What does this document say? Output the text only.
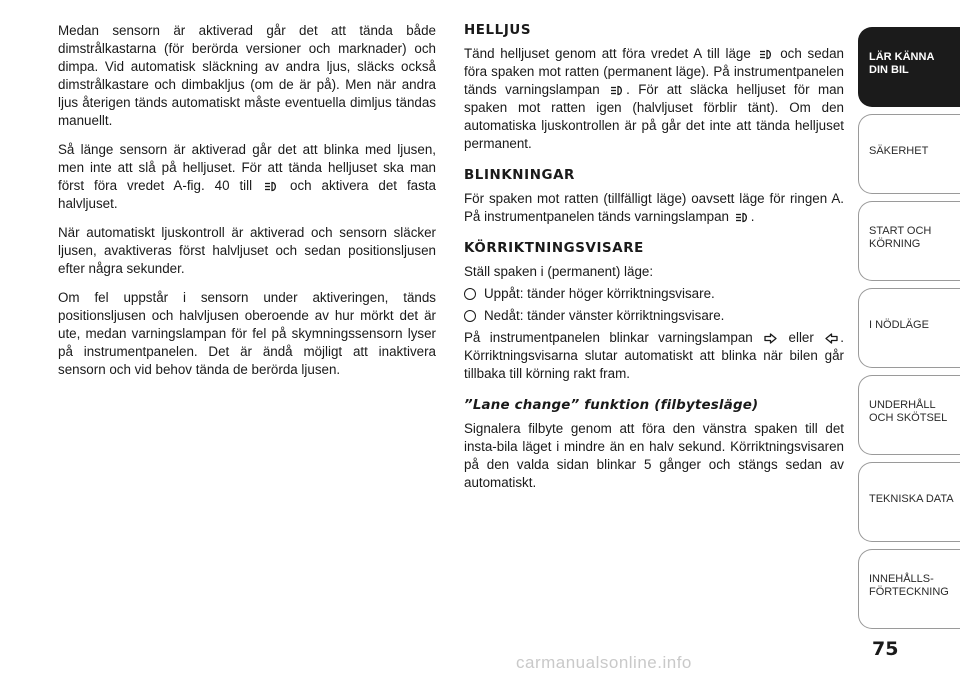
Medan sensorn är aktiverad går det att tända både dimstrålkastarna (för berörda versioner och marknader) och dimpa. Vid automatisk släckning av andra ljus, släcks också dimstrålkastare och dimbakljus (om de är på). Men när andra ljus återigen tänds automatiskt måste eventuella dimljus tändas manuellt.

Så länge sensorn är aktiverad går det att blinka med ljusen, men inte att slå på helljuset. För att tända helljuset ska man först föra vredet A-fig. 40 till	och aktivera det fasta halvljuset.

När automatiskt ljuskontroll är aktiverad och sensorn släcker ljusen, avaktiveras först halvljuset och sedan positionsljusen efter några sekunder.

Om fel uppstår i sensorn under aktiveringen, tänds positionsljusen och halvljusen oberoende av hur mörkt det är ute, medan varningslampan för fel på skymningssensorn lyser på instrumentpanelen. Det är ändå möjligt att inaktivera sensorn och vid behov tända de berörda ljusen.

HELLJUS

Tänd helljuset genom att föra vredet A till läge och sedan föra spaken mot ratten (permanent läge). På instrumentpanelen tänds varningslampan . För att släcka helljuset för man spaken mot ratten igen (halvljuset förblir tänt). Om den automatiska ljuskontrollen är på går det inte att tända helljuset permanent.

BLINKNINGAR

För spaken mot ratten (tillfälligt läge) oavsett läge för ringen A. På instrumentpanelen tänds varningslampan .

KÖRRIKTNINGSVISARE

Ställ spaken i (permanent) läge:

Uppåt: tänder höger körriktningsvisare.
Nedåt: tänder vänster körriktningsvisare.

På instrumentpanelen blinkar varningslampan	eller . Körriktningsvisarna slutar automatiskt att blinka när bilen går tillbaka till körning rakt fram.

”Lane change” funktion (filbytesläge)

Signalera filbyte genom att föra den vänstra spaken till det insta-bila läget i mindre än en halv sekund. Körriktningsvisaren på den valda sidan blinkar 5 gånger och stängs sedan av automatiskt.

LÄR KÄNNA
DIN BIL
SÄKERHET
START OCH
KÖRNING
I NÖDLÄGE
UNDERHÅLL
OCH SKÖTSEL
TEKNISKA DATA
INNEHÅLLS-
FÖRTECKNING
75
carmanualsonline.info
